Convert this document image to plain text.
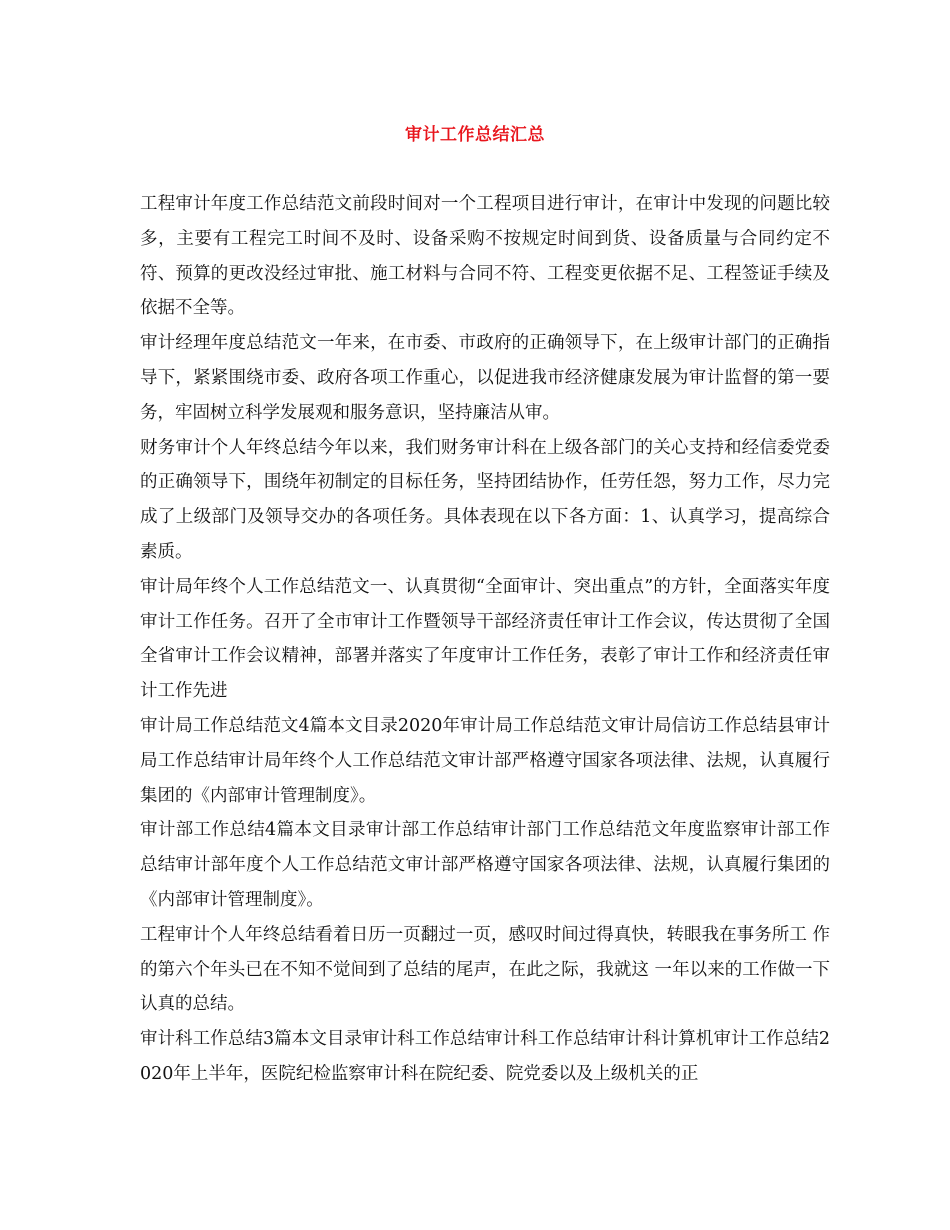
审计工作总结汇总

工程审计年度工作总结范文前段时间对一个工程项目进行审计，在审计中发现的问题比较多，主要有工程完工时间不及时、设备采购不按规定时间到货、设备质量与合同约定不符、预算的更改没经过审批、施工材料与合同不符、工程变更依据不足、工程签证手续及依据不全等。

审计经理年度总结范文一年来，在市委、市政府的正确领导下，在上级审计部门的正确指导下，紧紧围绕市委、政府各项工作重心，以促进我市经济健康发展为审计监督的第一要务，牢固树立科学发展观和服务意识，坚持廉洁从审。

财务审计个人年终总结今年以来，我们财务审计科在上级各部门的关心支持和经信委党委的正确领导下，围绕年初制定的目标任务，坚持团结协作，任劳任怨，努力工作，尽力完成了上级部门及领导交办的各项任务。具体表现在以下各方面：1、认真学习，提高综合素质。

审计局年终个人工作总结范文一、认真贯彻“全面审计、突出重点”的方针，全面落实年度审计工作任务。召开了全市审计工作暨领导干部经济责任审计工作会议，传达贯彻了全国全省审计工作会议精神，部署并落实了年度审计工作任务，表彰了审计工作和经济责任审计工作先进

审计局工作总结范文4篇本文目录2020年审计局工作总结范文审计局信访工作总结县审计局工作总结审计局年终个人工作总结范文审计部严格遵守国家各项法律、法规，认真履行集团的《内部审计管理制度》。

审计部工作总结4篇本文目录审计部工作总结审计部门工作总结范文年度监察审计部工作总结审计部年度个人工作总结范文审计部严格遵守国家各项法律、法规，认真履行集团的《内部审计管理制度》。

工程审计个人年终总结看着日历一页翻过一页，感叹时间过得真快，转眼我在事务所工 作的第六个年头已在不知不觉间到了总结的尾声，在此之际，我就这 一年以来的工作做一下认真的总结。

审计科工作总结3篇本文目录审计科工作总结审计科工作总结审计科计算机审计工作总结2020年上半年，医院纪检监察审计科在院纪委、院党委以及上级机关的正
